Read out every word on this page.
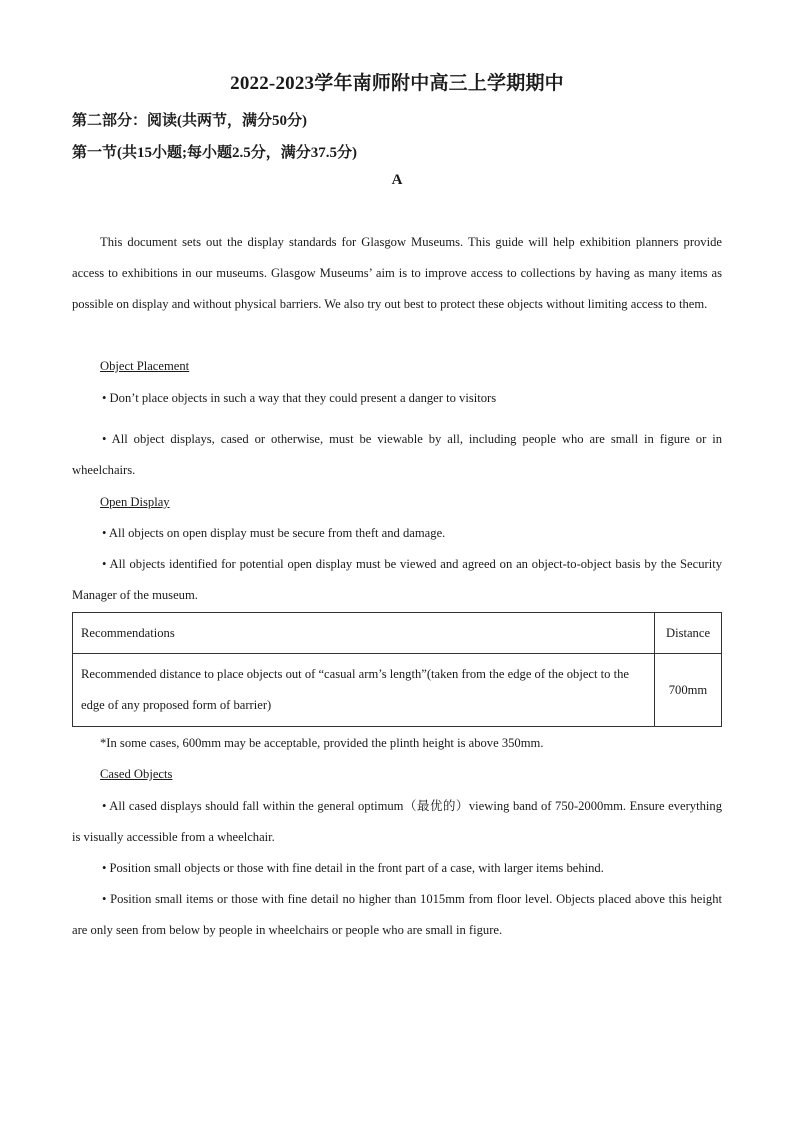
2022-2023学年南师附中高三上学期期中
第二部分：阅读(共两节，满分50分)
第一节(共15小题;每小题2.5分，满分37.5分)
A

This document sets out the display standards for Glasgow Museums. This guide will help exhibition planners provide access to exhibitions in our museums. Glasgow Museums’ aim is to improve access to collections by having as many items as possible on display and without physical barriers. We also try out best to protect these objects without limiting access to them.

Object Placement

• Don’t place objects in such a way that they could present a danger to visitors

• All object displays, cased or otherwise, must be viewable by all, including people who are small in figure or in wheelchairs.

Open Display

• All objects on open display must be secure from theft and damage.

• All objects identified for potential open display must be viewed and agreed on an object-to-object basis by the Security Manager of the museum.

Recommendations	Distance
Recommended distance to place objects out of “casual arm’s length”(taken from the edge of the object to the edge of any proposed form of barrier)	700mm
*In some cases, 600mm may be acceptable, provided the plinth height is above 350mm.
Cased Objects

• All cased displays should fall within the general optimum（最优的）viewing band of 750-2000mm. Ensure everything is visually accessible from a wheelchair.

• Position small objects or those with fine detail in the front part of a case, with larger items behind.

• Position small items or those with fine detail no higher than 1015mm from floor level. Objects placed above this height are only seen from below by people in wheelchairs or people who are small in figure.
